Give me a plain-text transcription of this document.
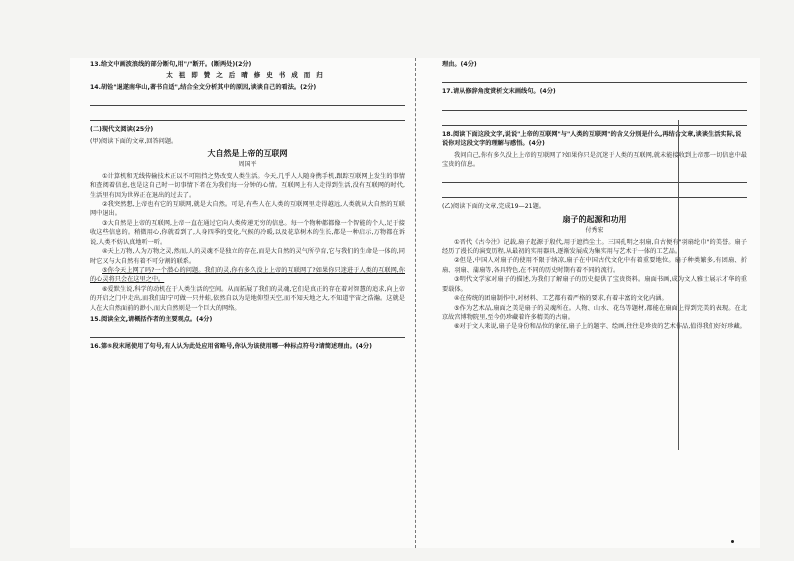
13.给文中画波浪线的部分断句,用"/"断开。(断两处)(2分)

太祖即赞之后晴修史书成而归

14.胡铨"退遂南华山,著书自适",结合全文分析其中的原因,谈谈自己的看法。(2分)

(二)现代文阅读(25分)

(甲)阅读下面的文章,回答问题。

大自然是上帝的互联网

周国平

①计算机和无线传输技术正以不可阻挡之势改变人类生活。今天,几乎人人随身携手机,跟踪互联网上发生的事情和查阅着信息,也是这自己时一切事情下者在为我们每一分钟的心情。互联网上有人走得到生活,没有互联网的时代,生活里有因为世界正在退出的过去了。

②我突然想,上帝也有它的互联网,就是大自然。可是,有些人在人类的互联网里走得越远,人类就从大自然的互联网中退出。

③大自然是上帝的互联网,上帝一直在通过它向人类传递无穷的信息。每一个物种都都像一个智能的个人,足于接收这些信息的。稍微用心,你就看到了,人身四季的变化,气候的冷暖,以及花草树木的生长,都是一种启示,万物都在诉说,人类不妨认真地听一听。

④天上万物,人为万物之灵,然而,人的灵魂不是独立的存在,而是大自然的灵气所孕育,它与我们的生命是一体的,同时它又与大自然有着不可分割的联系。

⑤你今天上网了吗?一个潜心的问题。我们的灵,你有多久没上上帝的互联网了?如果你只迷进于人类的互联网,你的心灵将只会在这里之中。

⑥爱默生说,科学的动机在于人类生活的空间。从而拓展了我们的灵魂,它们是真正的存在着对智慧的追求,向上帝的开启之门中走出,而我们却宁可做一只井蛙,依然自以为是地仰望天空,而不知天地之大,不知道宇宙之浩瀚。这就是人在大自然面前的渺小,而大自然则是一个巨大的网络。

15.阅读全文,请概括作者的主要观点。(4分)

16.第⑤段末尾使用了句号,有人认为此处应用省略号,你认为该使用哪一种标点符号?请简述理由。(4分)

理由。(4分)

17.请从修辞角度赏析文末画线句。(4分)

18.阅读下面这段文字,说说"上帝的互联网"与"人类的互联网"的含义分别是什么,再结合文章,谈谈生活实际,说说你对这段文字的理解与感悟。(4分)

我问自己,你有多久没上上帝的互联网了?如果你只是沉迷于人类的互联网,就未能接收到上帝那一切信息中最宝贵的信息。

(乙)阅读下面的文章,完成19—21题。

扇子的起源和功用

付秀宏

①晋代《古今注》记载,扇子起源于殷代,用于遮挡尘土。三国孔明之羽扇,自古便有"羽扇纶巾"的美誉。扇子经历了漫长的演变历程,从最初的实用器具,逐渐发展成为集实用与艺术于一体的工艺品。

②但是,中国人对扇子的使用不限于纳凉,扇子在中国古代文化中有着重要地位。扇子种类繁多,有团扇、折扇、羽扇、蒲扇等,各具特色,在不同的历史时期有着不同的流行。

③明代文学家对扇子的描述,为我们了解扇子的历史提供了宝贵资料。扇面书画,成为文人雅士展示才华的重要载体。

④在传统的团扇制作中,对材料、工艺都有着严格的要求,有着丰富的文化内涵。

⑤作为艺术品,扇面之美是扇子的灵魂所在。人物、山水、花鸟等题材,都能在扇面上得到完美的表现。在北京故宫博物院里,至今仍珍藏着许多精美的古扇。

⑥对于文人来说,扇子是身份和品位的象征,扇子上的题字、绘画,往往是珍贵的艺术作品,值得我们好好珍藏。
